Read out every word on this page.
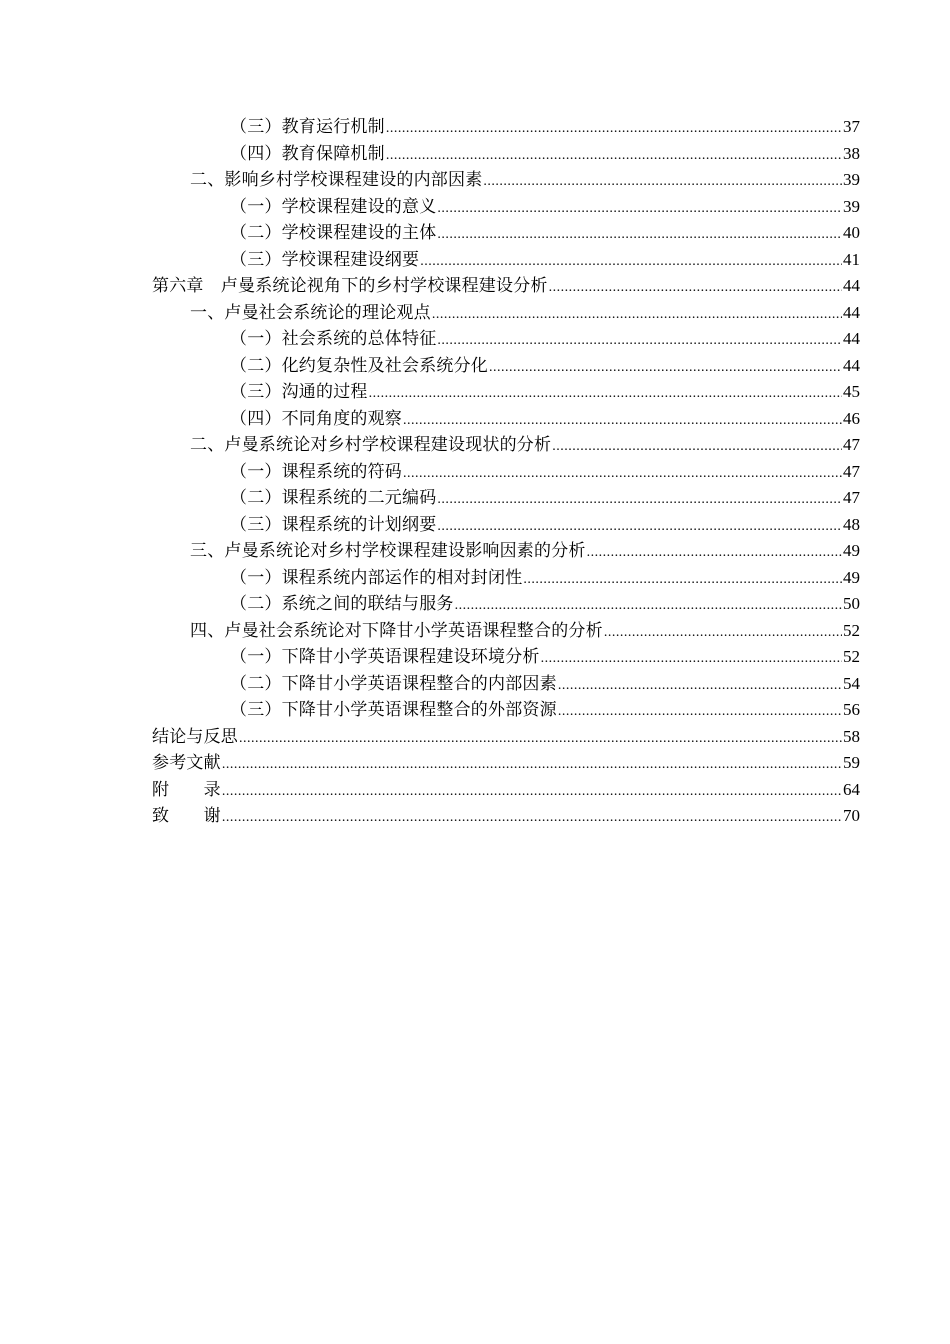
（三）教育运行机制 .....	37
（四）教育保障机制 .....	38
二、影响乡村学校课程建设的内部因素 .....	39
（一）学校课程建设的意义 .....	39
（二）学校课程建设的主体 .....	40
（三）学校课程建设纲要 .....	41
第六章　卢曼系统论视角下的乡村学校课程建设分析 .....	44
一、卢曼社会系统论的理论观点 .....	44
（一）社会系统的总体特征 .....	44
（二）化约复杂性及社会系统分化 .....	44
（三）沟通的过程 .....	45
（四）不同角度的观察 .....	46
二、卢曼系统论对乡村学校课程建设现状的分析 .....	47
（一）课程系统的符码 .....	47
（二）课程系统的二元编码 .....	47
（三）课程系统的计划纲要 .....	48
三、卢曼系统论对乡村学校课程建设影响因素的分析 .....	49
（一）课程系统内部运作的相对封闭性 .....	49
（二）系统之间的联结与服务 .....	50
四、卢曼社会系统论对下降甘小学英语课程整合的分析 .....	52
（一）下降甘小学英语课程建设环境分析 .....	52
（二）下降甘小学英语课程整合的内部因素 .....	54
（三）下降甘小学英语课程整合的外部资源 .....	56
结论与反思 .....	58
参考文献 .....	59
附　　录 .....	64
致　　谢 .....	70
